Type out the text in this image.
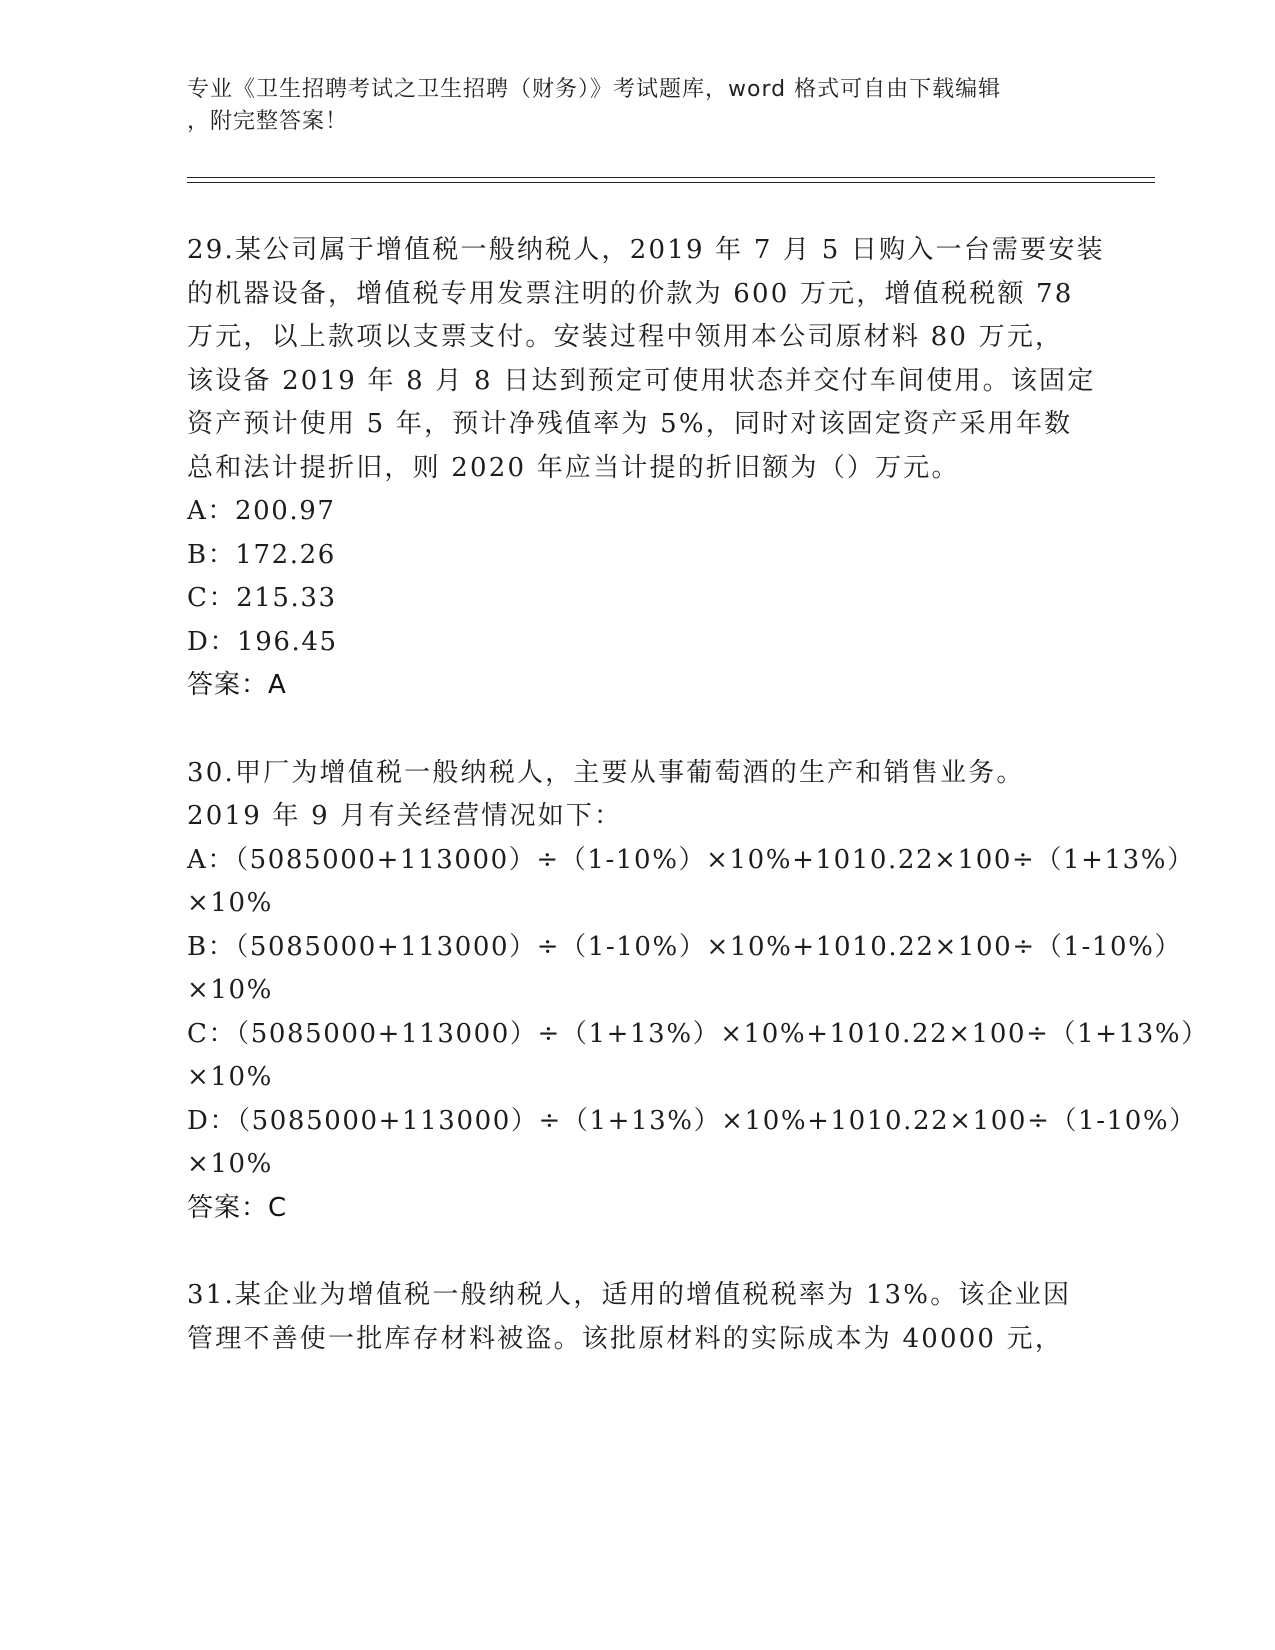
专业《卫生招聘考试之卫生招聘（财务）》考试题库，word 格式可自由下载编辑

，附完整答案！

29.某公司属于增值税一般纳税人，2019 年 7 月 5 日购入一台需要安装

的机器设备，增值税专用发票注明的价款为 600 万元，增值税税额 78

万元，以上款项以支票支付。安装过程中领用本公司原材料 80 万元，

该设备 2019 年 8 月 8 日达到预定可使用状态并交付车间使用。该固定

资产预计使用 5 年，预计净残值率为 5%，同时对该固定资产采用年数

总和法计提折旧，则 2020 年应当计提的折旧额为（）万元。

A：200.97

B：172.26

C：215.33

D：196.45

答案：A

30.甲厂为增值税一般纳税人，主要从事葡萄酒的生产和销售业务。

2019 年 9 月有关经营情况如下：

A：（5085000+113000）÷（1-10%）×10%+1010.22×100÷（1+13%）

×10%

B：（5085000+113000）÷（1-10%）×10%+1010.22×100÷（1-10%）

×10%

C：（5085000+113000）÷（1+13%）×10%+1010.22×100÷（1+13%）

×10%

D：（5085000+113000）÷（1+13%）×10%+1010.22×100÷（1-10%）

×10%

答案：C

31.某企业为增值税一般纳税人，适用的增值税税率为 13%。该企业因

管理不善使一批库存材料被盗。该批原材料的实际成本为 40000 元，
